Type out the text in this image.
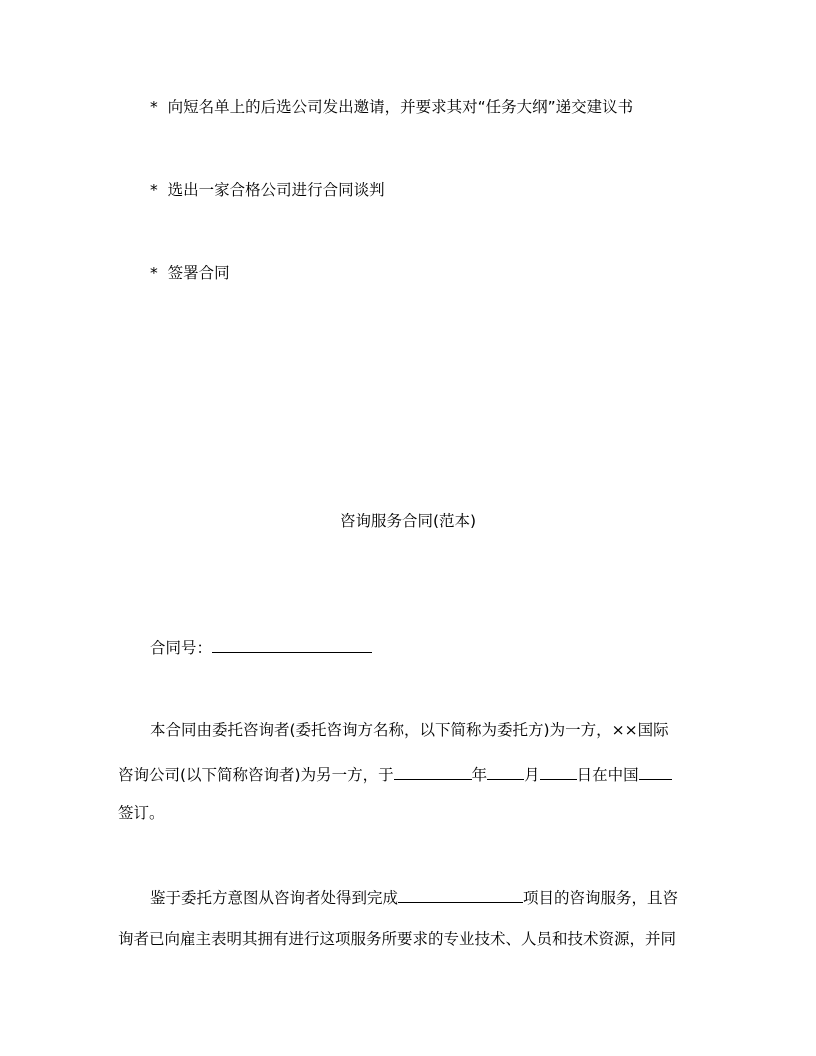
* 向短名单上的后选公司发出邀请，并要求其对“任务大纲”递交建议书
* 选出一家合格公司进行合同谈判
* 签署合同
咨询服务合同(范本)
合同号：
本合同由委托咨询者(委托咨询方名称，以下简称为委托方)为一方，××国际
咨询公司(以下简称咨询者)为另一方，于	年 月 日在中国
签订。
鉴于委托方意图从咨询者处得到完成	项目的咨询服务，且咨
询者已向雇主表明其拥有进行这项服务所要求的专业技术、人员和技术资源，并同
